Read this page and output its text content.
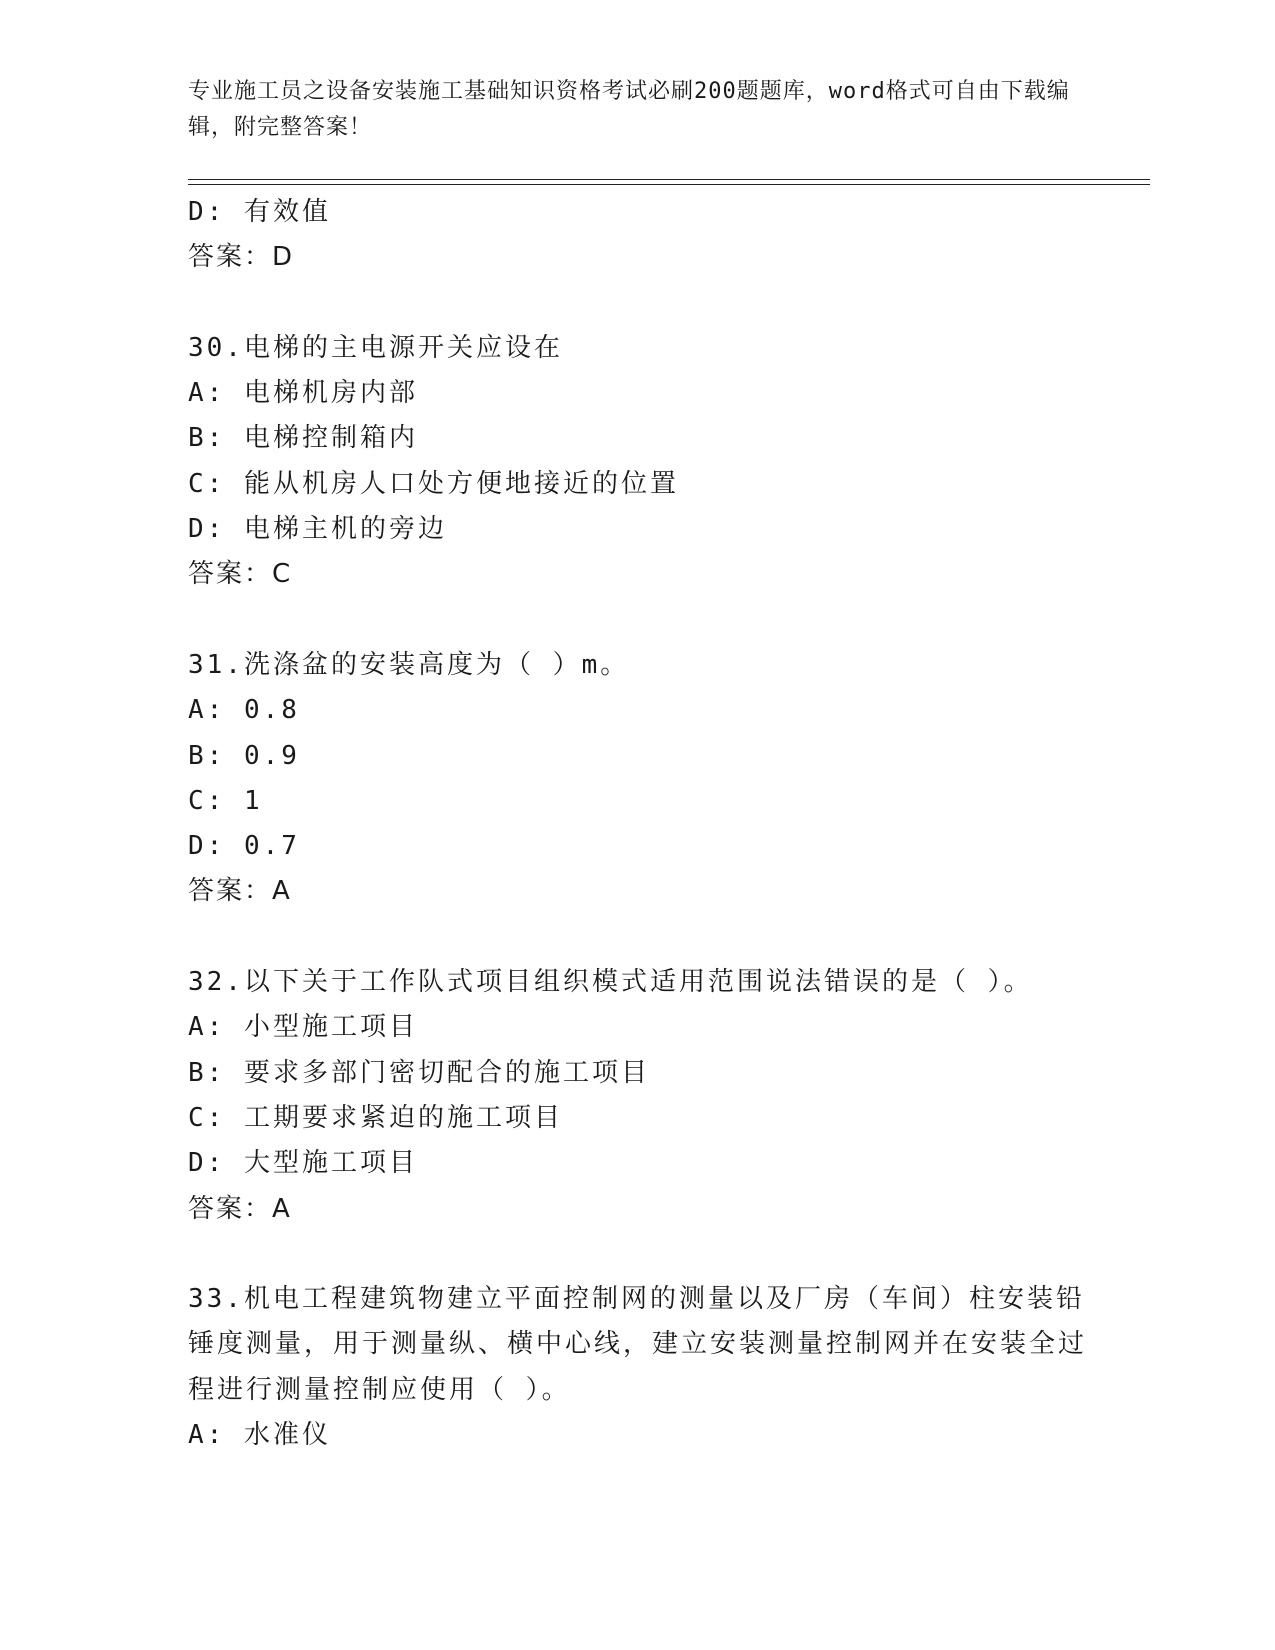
专业施工员之设备安装施工基础知识资格考试必刷200题题库，word格式可自由下载编辑，附完整答案！
D: 有效值
答案：D
30.电梯的主电源开关应设在
A: 电梯机房内部
B: 电梯控制箱内
C: 能从机房人口处方便地接近的位置
D: 电梯主机的旁边
答案：C
31.洗涤盆的安装高度为（ ）m。
A: 0.8
B: 0.9
C: 1
D: 0.7
答案：A
32.以下关于工作队式项目组织模式适用范围说法错误的是（ ）。
A: 小型施工项目
B: 要求多部门密切配合的施工项目
C: 工期要求紧迫的施工项目
D: 大型施工项目
答案：A
33.机电工程建筑物建立平面控制网的测量以及厂房（车间）柱安装铅锤度测量，用于测量纵、横中心线，建立安装测量控制网并在安装全过程进行测量控制应使用（ ）。
A: 水准仪
